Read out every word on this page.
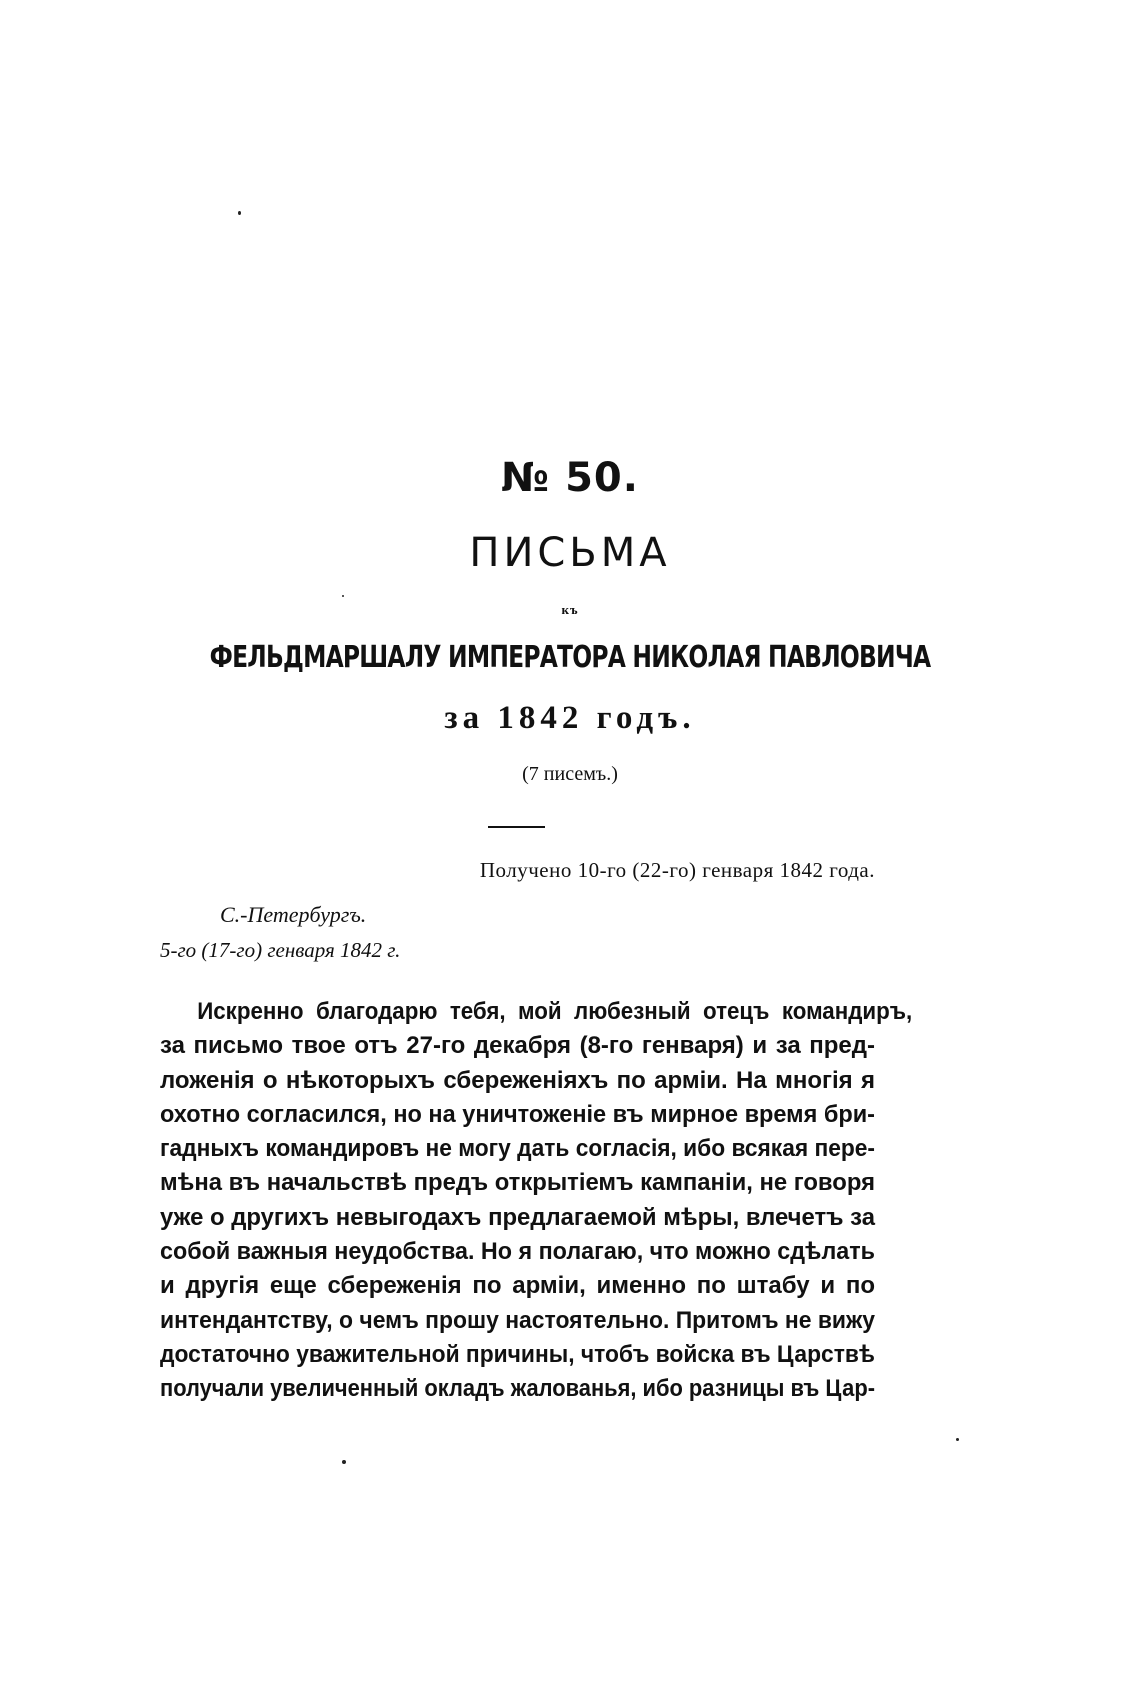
№ 50.
ПИСЬМА
къ
ФЕЛЬДМАРШАЛУ ИМПЕРАТОРА НИКОЛАЯ ПАВЛОВИЧА
за 1842 годъ.
(7 писемъ.)
Получено 10-го (22-го) генваря 1842 года.
С.-Петербургъ.
5-го (17-го) генваря 1842 г.
Искренно благодарю тебя, мой любезный отецъ командиръ,
за письмо твое отъ 27-го декабря (8-го генваря) и за пред-
ложенія о нѣкоторыхъ сбереженіяхъ по арміи. На многія я
охотно согласился, но на уничтоженіе въ мирное время бри-
гадныхъ командировъ не могу дать согласія, ибо всякая пере-
мѣна въ начальствѣ предъ открытіемъ кампаніи, не говоря
уже о другихъ невыгодахъ предлагаемой мѣры, влечетъ за
собой важныя неудобства. Но я полагаю, что можно сдѣлать
и другія еще сбереженія по арміи, именно по штабу и по
интендантству, о чемъ прошу настоятельно. Притомъ не вижу
достаточно уважительной причины, чтобъ войска въ Царствѣ
получали увеличенный окладъ жалованья, ибо разницы въ Цар-
